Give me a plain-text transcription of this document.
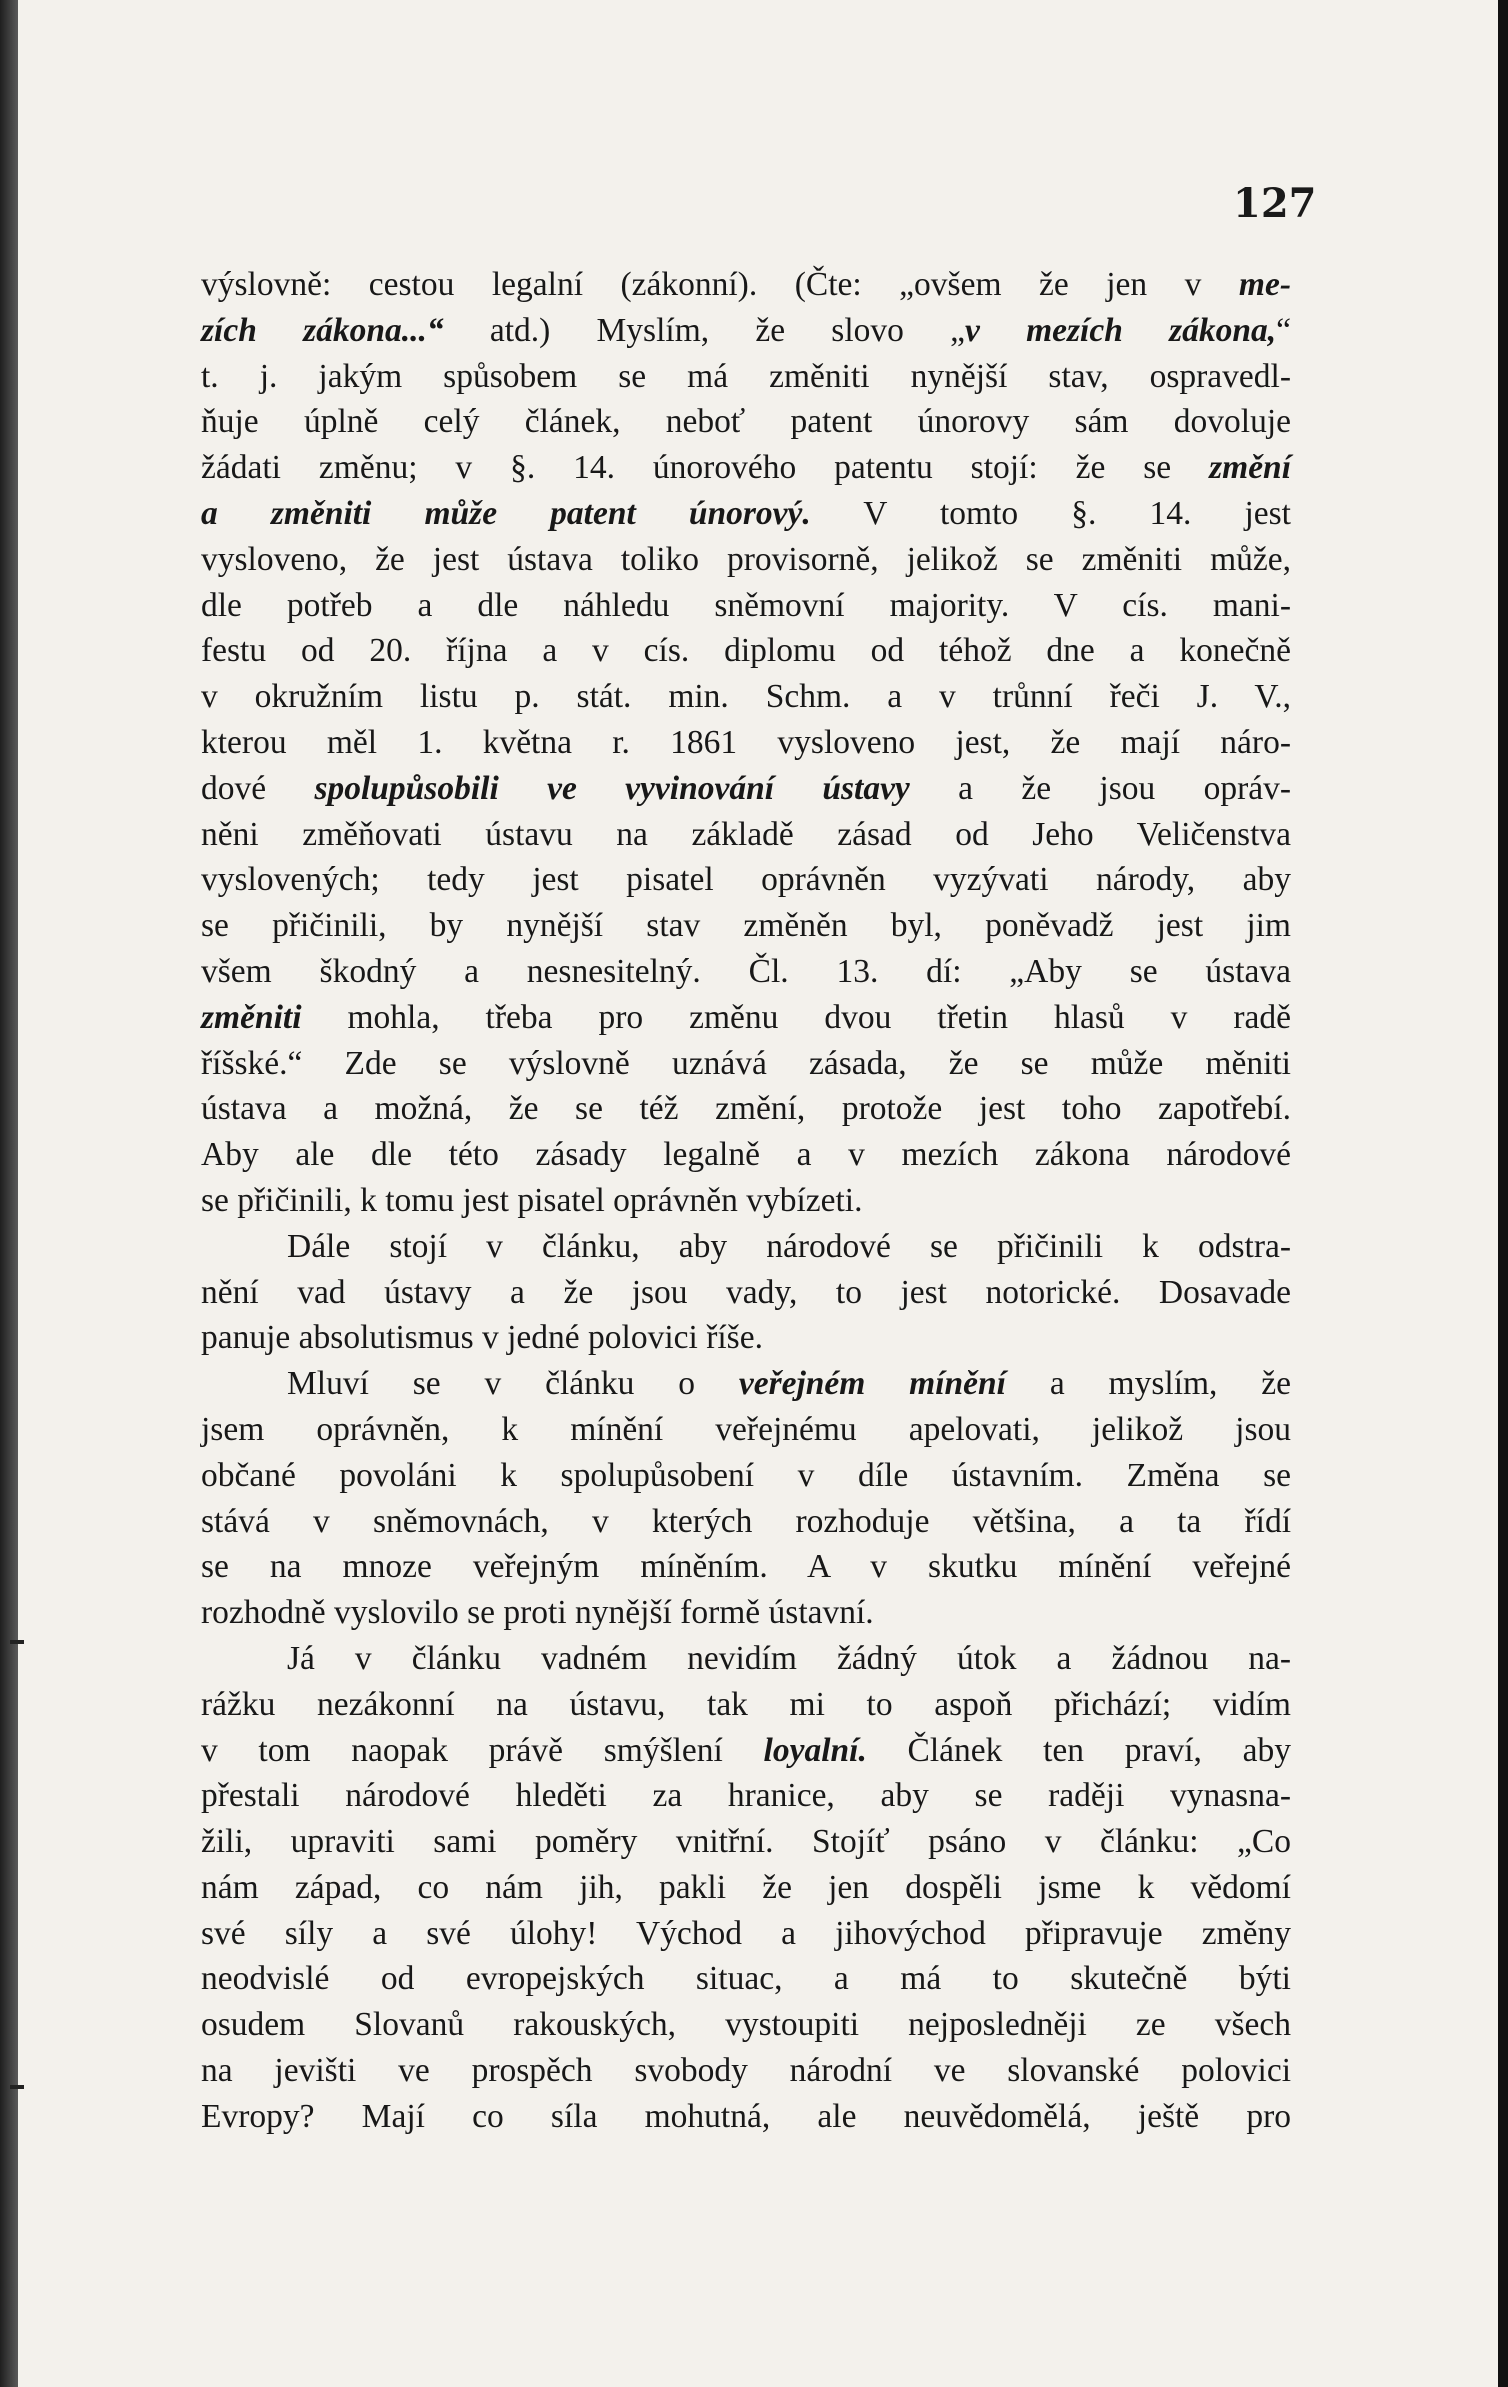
127
výslovně: cestou legalní (zákonní). (Čte: „ovšem že jen v me-
zích zákona...“ atd.) Myslím, že slovo „v mezích zákona,“
t. j. jakým spůsobem se má změniti nynější stav, ospravedl-
ňuje úplně celý článek, neboť patent únorovy sám dovoluje
žádati změnu; v §. 14. únorového patentu stojí: že se změní
a změniti může patent únorový. V tomto §. 14. jest
vysloveno, že jest ústava toliko provisorně, jelikož se změniti může,
dle potřeb a dle náhledu sněmovní majority. V cís. mani-
festu od 20. října a v cís. diplomu od téhož dne a konečně
v okružním listu p. stát. min. Schm. a v trůnní řeči J. V.,
kterou měl 1. května r. 1861 vysloveno jest, že mají náro-
dové spolupůsobili ve vyvinování ústavy a že jsou opráv-
něni změňovati ústavu na základě zásad od Jeho Veličenstva
vyslovených; tedy jest pisatel oprávněn vyzývati národy, aby
se přičinili, by nynější stav změněn byl, poněvadž jest jim
všem škodný a nesnesitelný. Čl. 13. dí: „Aby se ústava
změniti mohla, třeba pro změnu dvou třetin hlasů v radě
říšské.“ Zde se výslovně uznává zásada, že se může měniti
ústava a možná, že se též změní, protože jest toho zapotřebí.
Aby ale dle této zásady legalně a v mezích zákona národové
se přičinili, k tomu jest pisatel oprávněn vybízeti.
Dále stojí v článku, aby národové se přičinili k odstra-
nění vad ústavy a že jsou vady, to jest notorické. Dosavade
panuje absolutismus v jedné polovici říše.
Mluví se v článku o veřejném mínění a myslím, že
jsem oprávněn, k mínění veřejnému apelovati, jelikož jsou
občané povoláni k spolupůsobení v díle ústavním. Změna se
stává v sněmovnách, v kterých rozhoduje většina, a ta řídí
se na mnoze veřejným míněním. A v skutku mínění veřejné
rozhodně vyslovilo se proti nynější formě ústavní.
Já v článku vadném nevidím žádný útok a žádnou na-
rážku nezákonní na ústavu, tak mi to aspoň přichází; vidím
v tom naopak právě smýšlení loyalní. Článek ten praví, aby
přestali národové hleděti za hranice, aby se raději vynasna-
žili, upraviti sami poměry vnitřní. Stojíť psáno v článku: „Co
nám západ, co nám jih, pakli že jen dospěli jsme k vědomí
své síly a své úlohy! Východ a jihovýchod připravuje změny
neodvislé od evropejských situac, a má to skutečně býti
osudem Slovanů rakouských, vystoupiti nejposledněji ze všech
na jevišti ve prospěch svobody národní ve slovanské polovici
Evropy? Mají co síla mohutná, ale neuvědomělá, ještě pro
